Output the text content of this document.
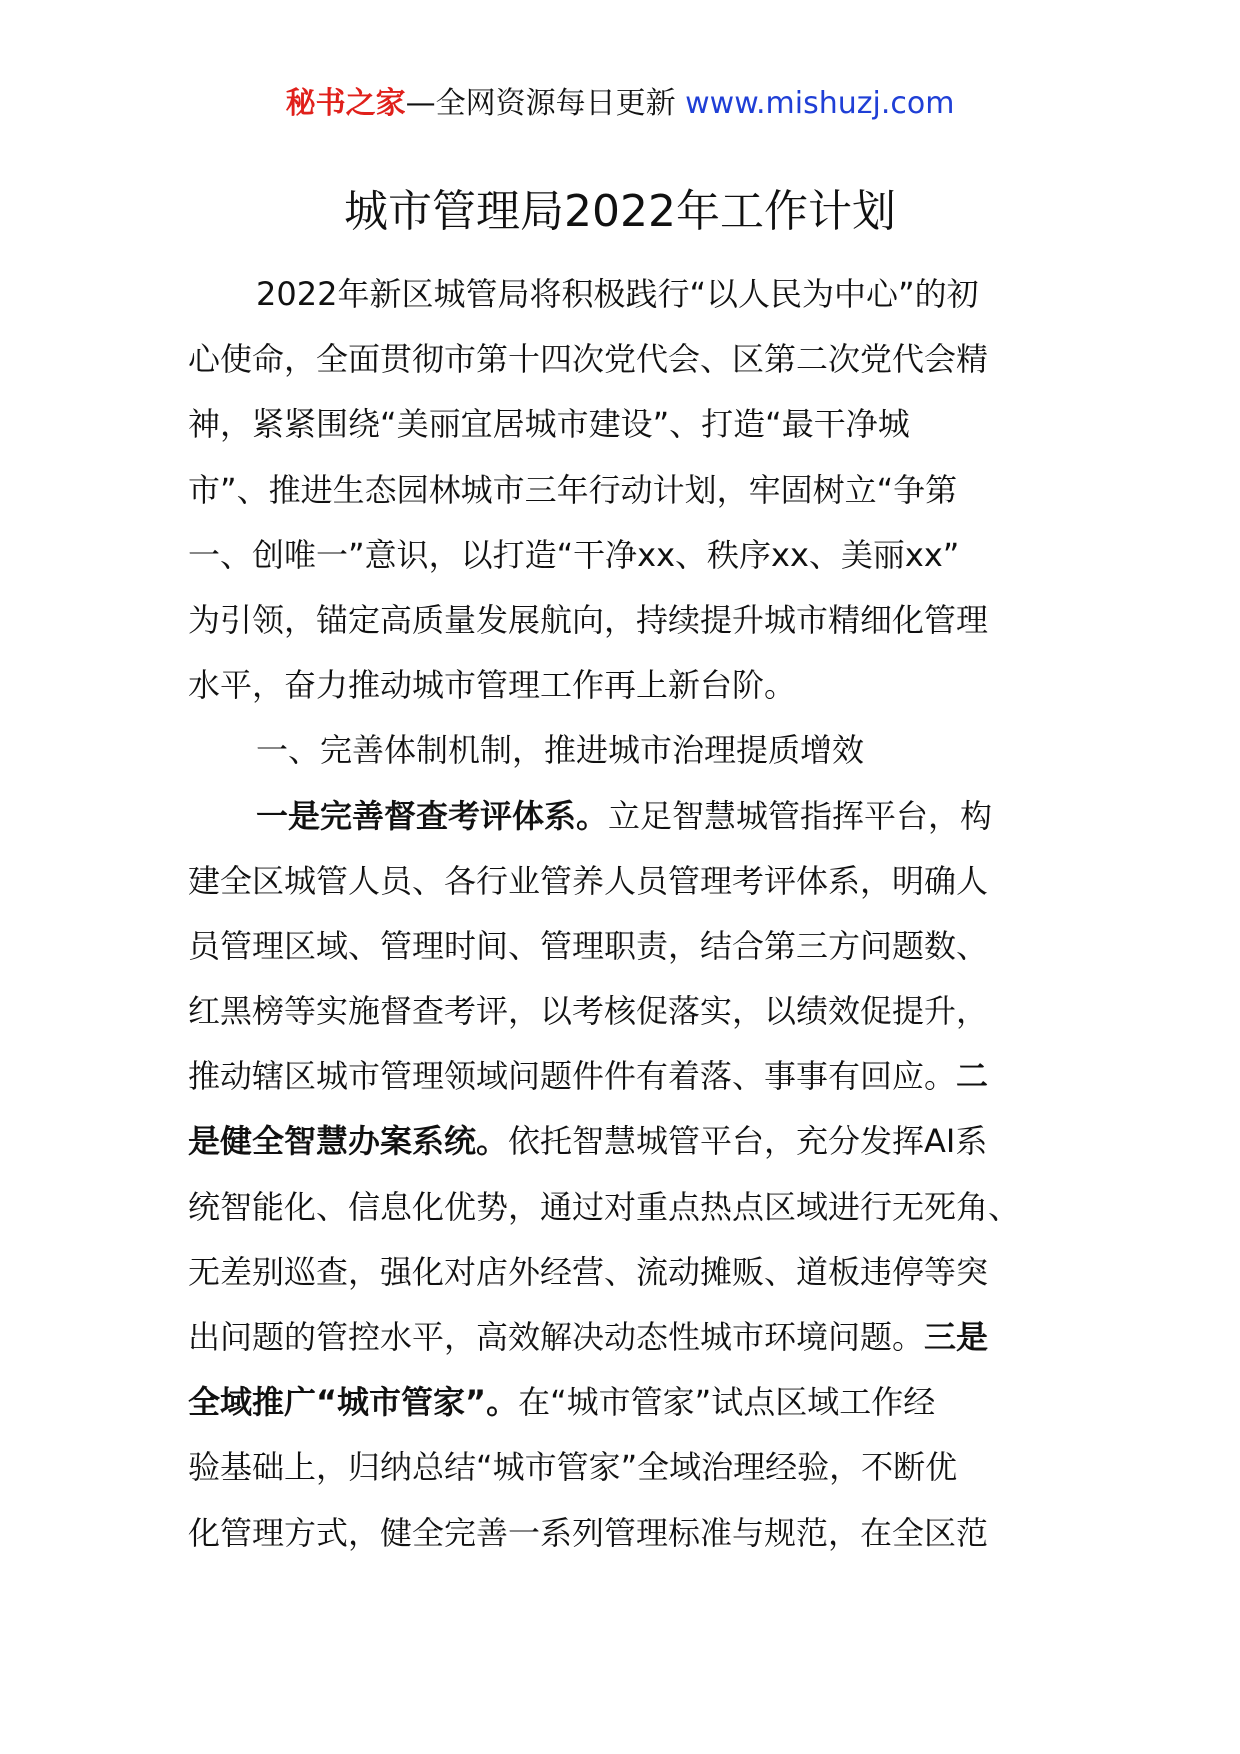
秘书之家—全网资源每日更新 www.mishuzj.com
城市管理局2022年工作计划
2022年新区城管局将积极践行“以人民为中心”的初
心使命，全面贯彻市第十四次党代会、区第二次党代会精
神，紧紧围绕“美丽宜居城市建设”、打造“最干净城
市”、推进生态园林城市三年行动计划，牢固树立“争第
一、创唯一”意识，以打造“干净xx、秩序xx、美丽xx”
为引领，锚定高质量发展航向，持续提升城市精细化管理
水平，奋力推动城市管理工作再上新台阶。
一、完善体制机制，推进城市治理提质增效
一是完善督查考评体系。立足智慧城管指挥平台，构
建全区城管人员、各行业管养人员管理考评体系，明确人
员管理区域、管理时间、管理职责，结合第三方问题数、
红黑榜等实施督查考评，以考核促落实，以绩效促提升，
推动辖区城市管理领域问题件件有着落、事事有回应。二
是健全智慧办案系统。依托智慧城管平台，充分发挥AI系
统智能化、信息化优势，通过对重点热点区域进行无死角、
无差别巡查，强化对店外经营、流动摊贩、道板违停等突
出问题的管控水平，高效解决动态性城市环境问题。三是
全域推广“城市管家”。在“城市管家”试点区域工作经
验基础上，归纳总结“城市管家”全域治理经验，不断优
化管理方式，健全完善一系列管理标准与规范，在全区范
